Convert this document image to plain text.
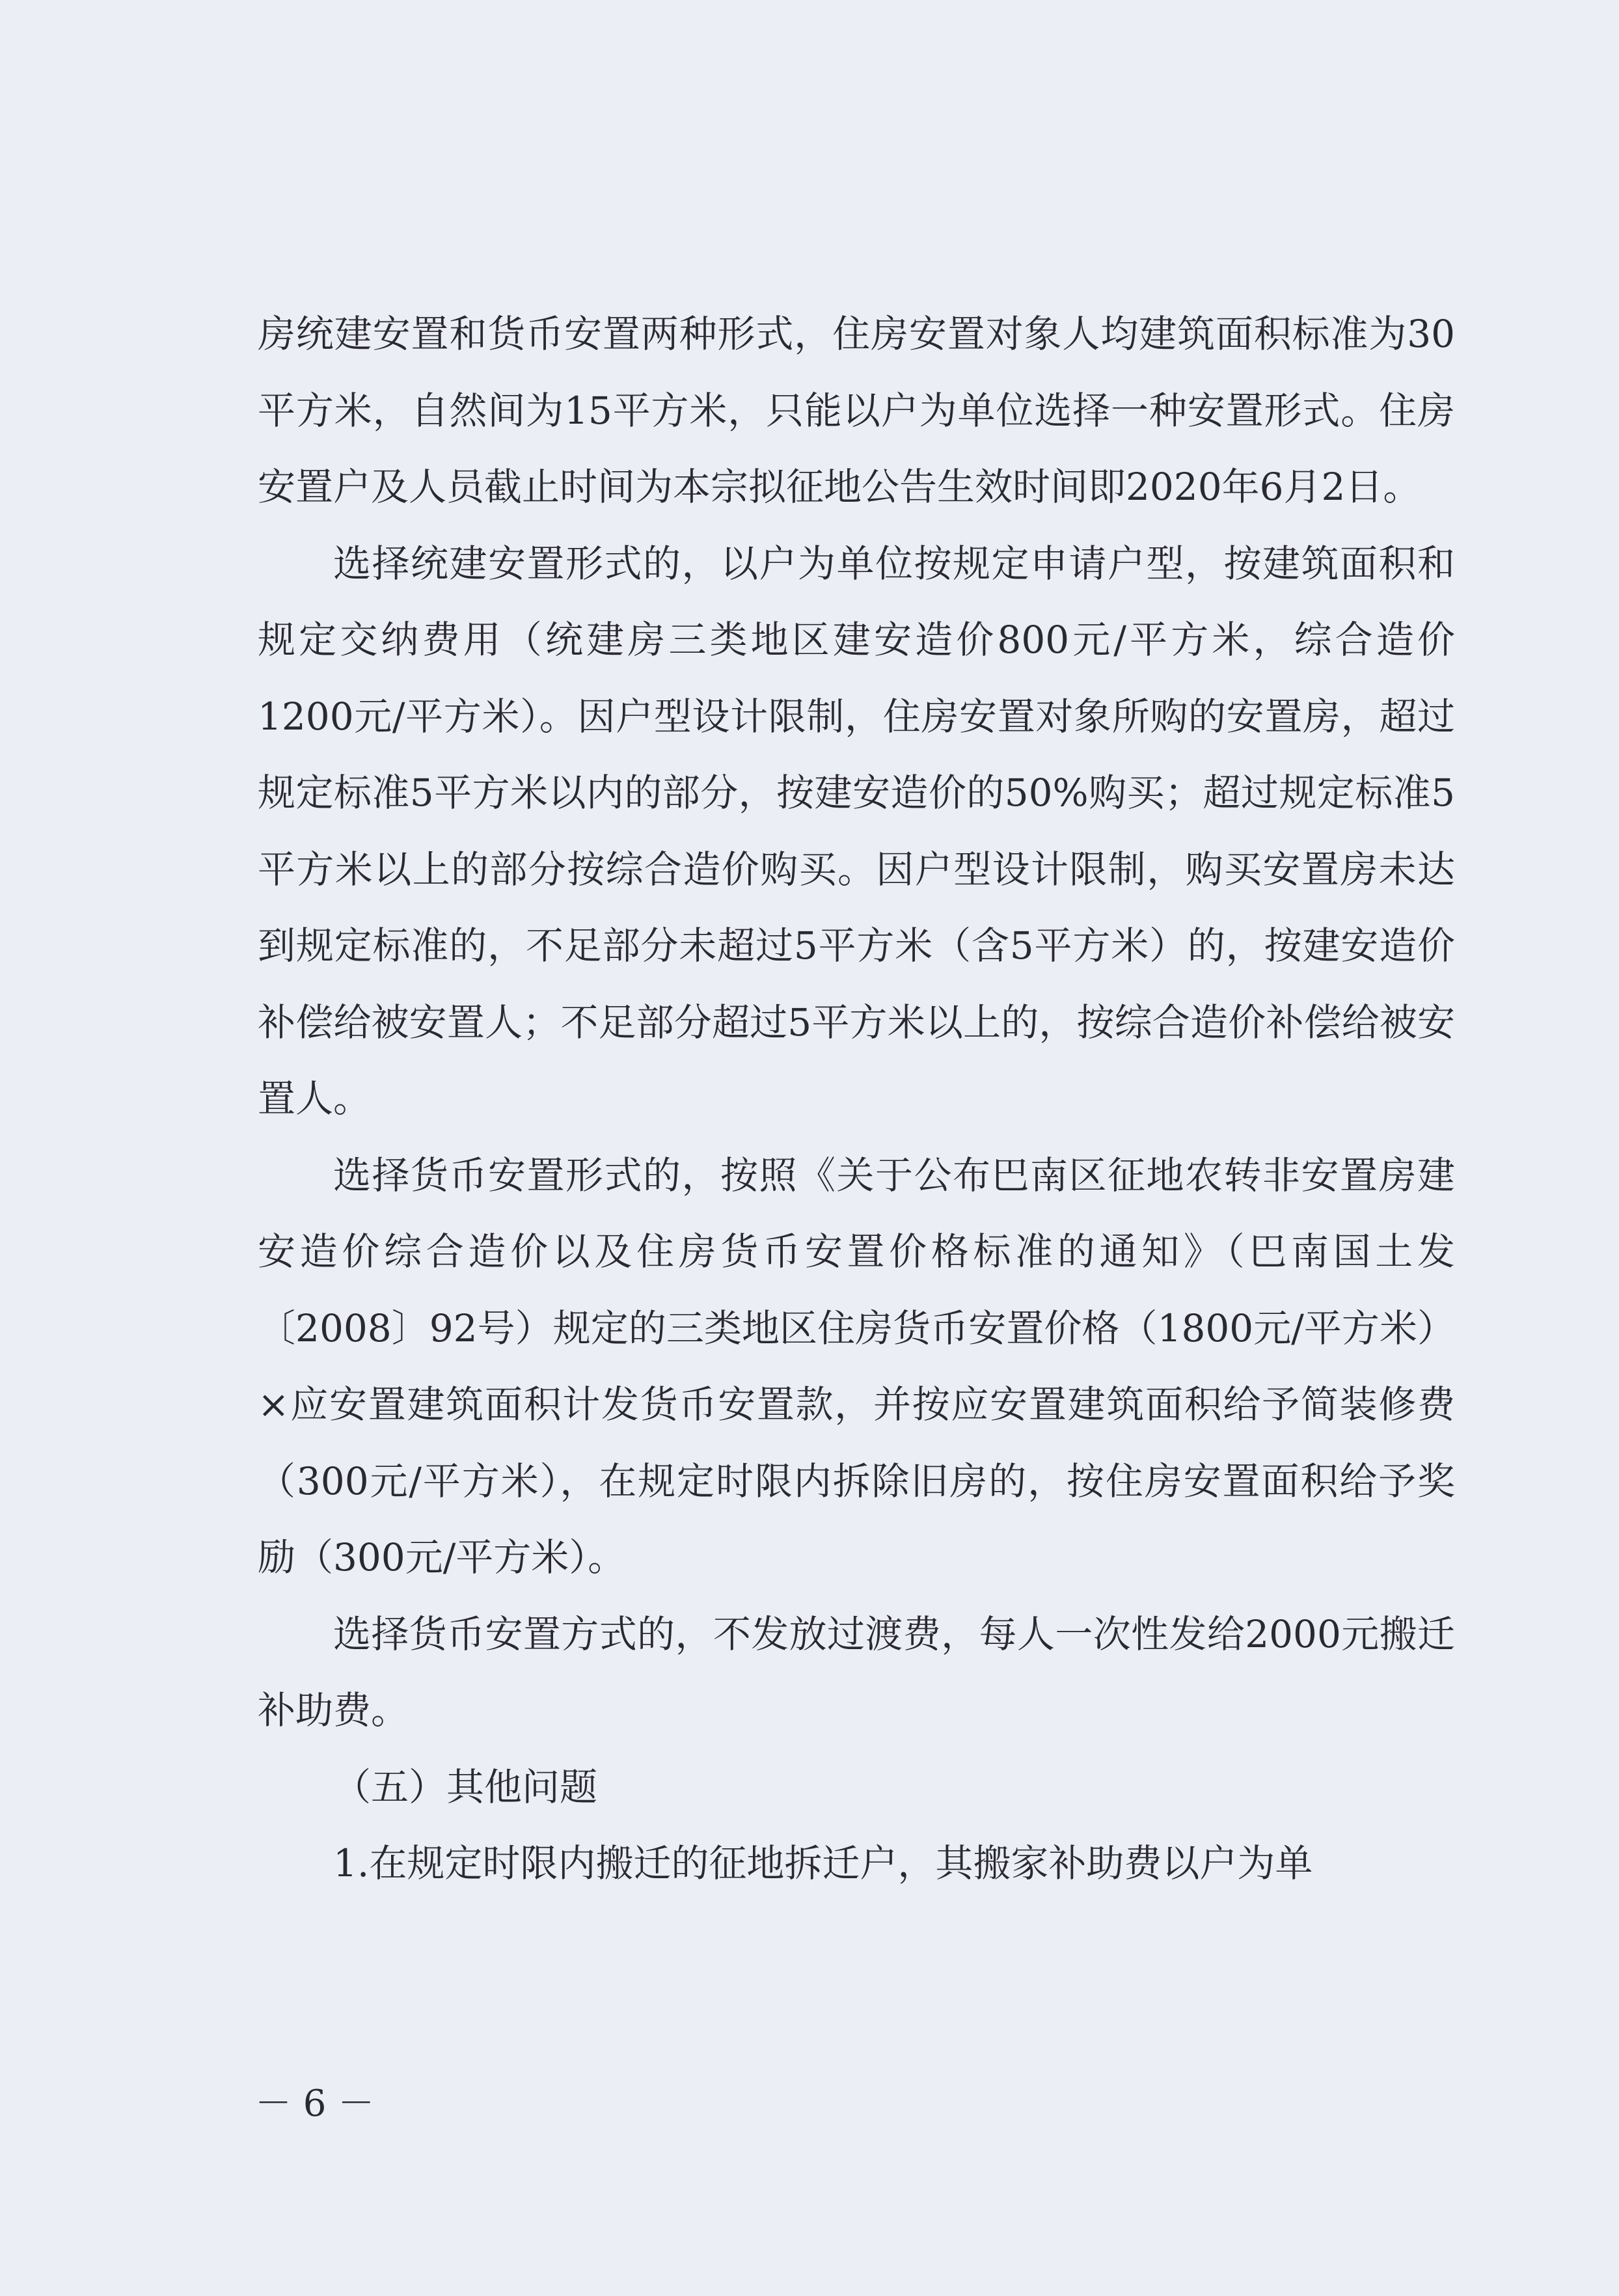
房统建安置和货币安置两种形式，住房安置对象人均建筑面积标准为30平方米，自然间为15平方米，只能以户为单位选择一种安置形式。住房安置户及人员截止时间为本宗拟征地公告生效时间即2020年6月2日。

选择统建安置形式的，以户为单位按规定申请户型，按建筑面积和规定交纳费用（统建房三类地区建安造价800元/平方米，综合造价1200元/平方米）。因户型设计限制，住房安置对象所购的安置房，超过规定标准5平方米以内的部分，按建安造价的50%购买；超过规定标准5平方米以上的部分按综合造价购买。因户型设计限制，购买安置房未达到规定标准的，不足部分未超过5平方米（含5平方米）的，按建安造价补偿给被安置人；不足部分超过5平方米以上的，按综合造价补偿给被安置人。

选择货币安置形式的，按照《关于公布巴南区征地农转非安置房建安造价综合造价以及住房货币安置价格标准的通知》（巴南国土发〔2008〕92号）规定的三类地区住房货币安置价格（1800元/平方米）×应安置建筑面积计发货币安置款，并按应安置建筑面积给予简装修费（300元/平方米），在规定时限内拆除旧房的，按住房安置面积给予奖励（300元/平方米）。

选择货币安置方式的，不发放过渡费，每人一次性发给2000元搬迁补助费。

（五）其他问题

1.在规定时限内搬迁的征地拆迁户，其搬家补助费以户为单

－ 6 －
